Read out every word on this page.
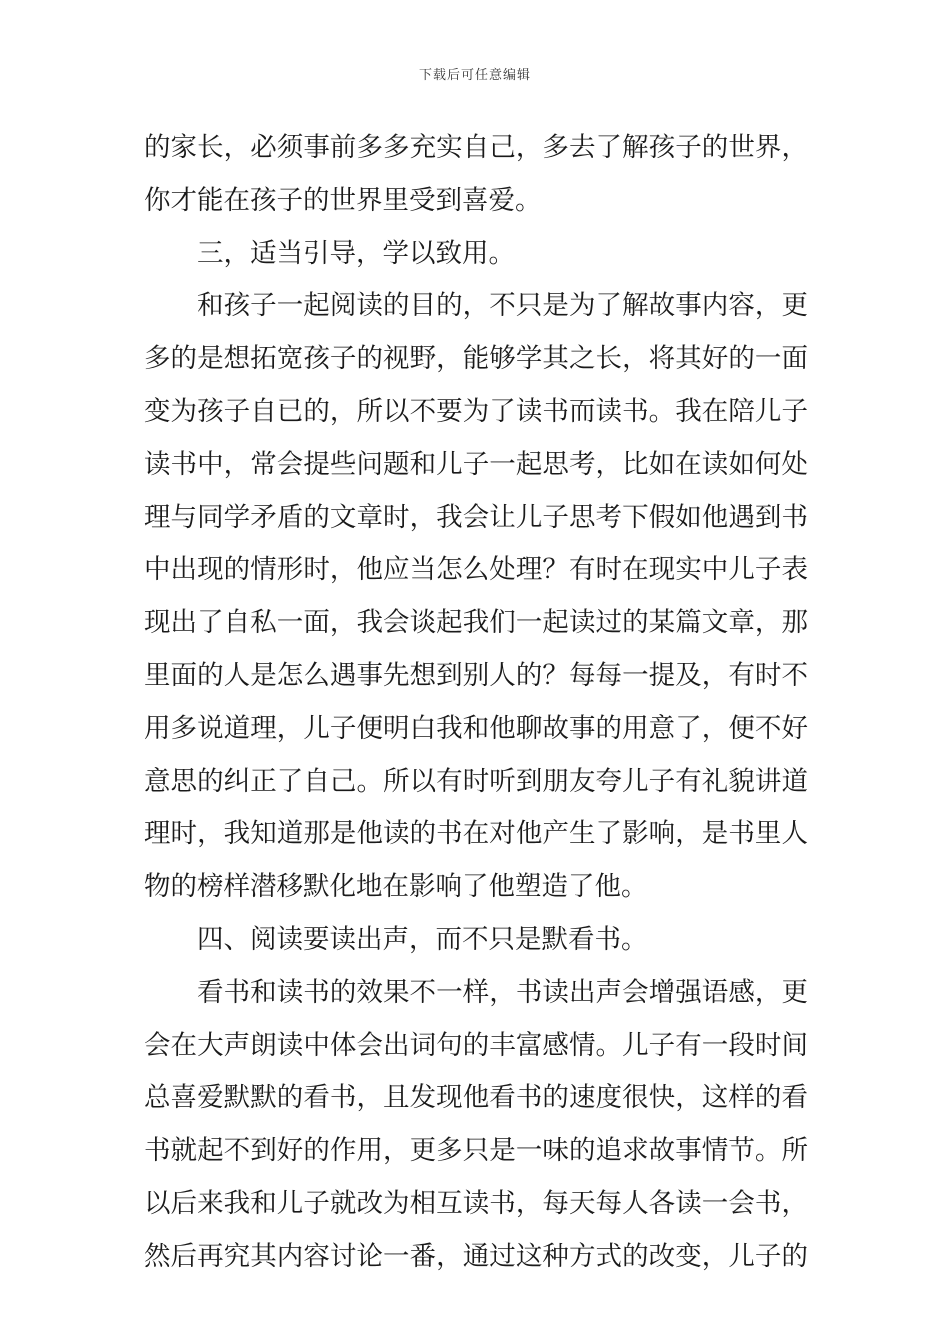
下载后可任意编辑
的家长，必须事前多多充实自己，多去了解孩子的世界，
你才能在孩子的世界里受到喜爱。
三，适当引导，学以致用。
和孩子一起阅读的目的，不只是为了解故事内容，更
多的是想拓宽孩子的视野，能够学其之长，将其好的一面
变为孩子自已的，所以不要为了读书而读书。我在陪儿子
读书中，常会提些问题和儿子一起思考，比如在读如何处
理与同学矛盾的文章时，我会让儿子思考下假如他遇到书
中出现的情形时，他应当怎么处理？有时在现实中儿子表
现出了自私一面，我会谈起我们一起读过的某篇文章，那
里面的人是怎么遇事先想到别人的？每每一提及，有时不
用多说道理，儿子便明白我和他聊故事的用意了，便不好
意思的纠正了自己。所以有时听到朋友夸儿子有礼貌讲道
理时，我知道那是他读的书在对他产生了影响，是书里人
物的榜样潜移默化地在影响了他塑造了他。
四、阅读要读出声，而不只是默看书。
看书和读书的效果不一样，书读出声会增强语感，更
会在大声朗读中体会出词句的丰富感情。儿子有一段时间
总喜爱默默的看书，且发现他看书的速度很快，这样的看
书就起不到好的作用，更多只是一味的追求故事情节。所
以后来我和儿子就改为相互读书，每天每人各读一会书，
然后再究其内容讨论一番，通过这种方式的改变，儿子的
